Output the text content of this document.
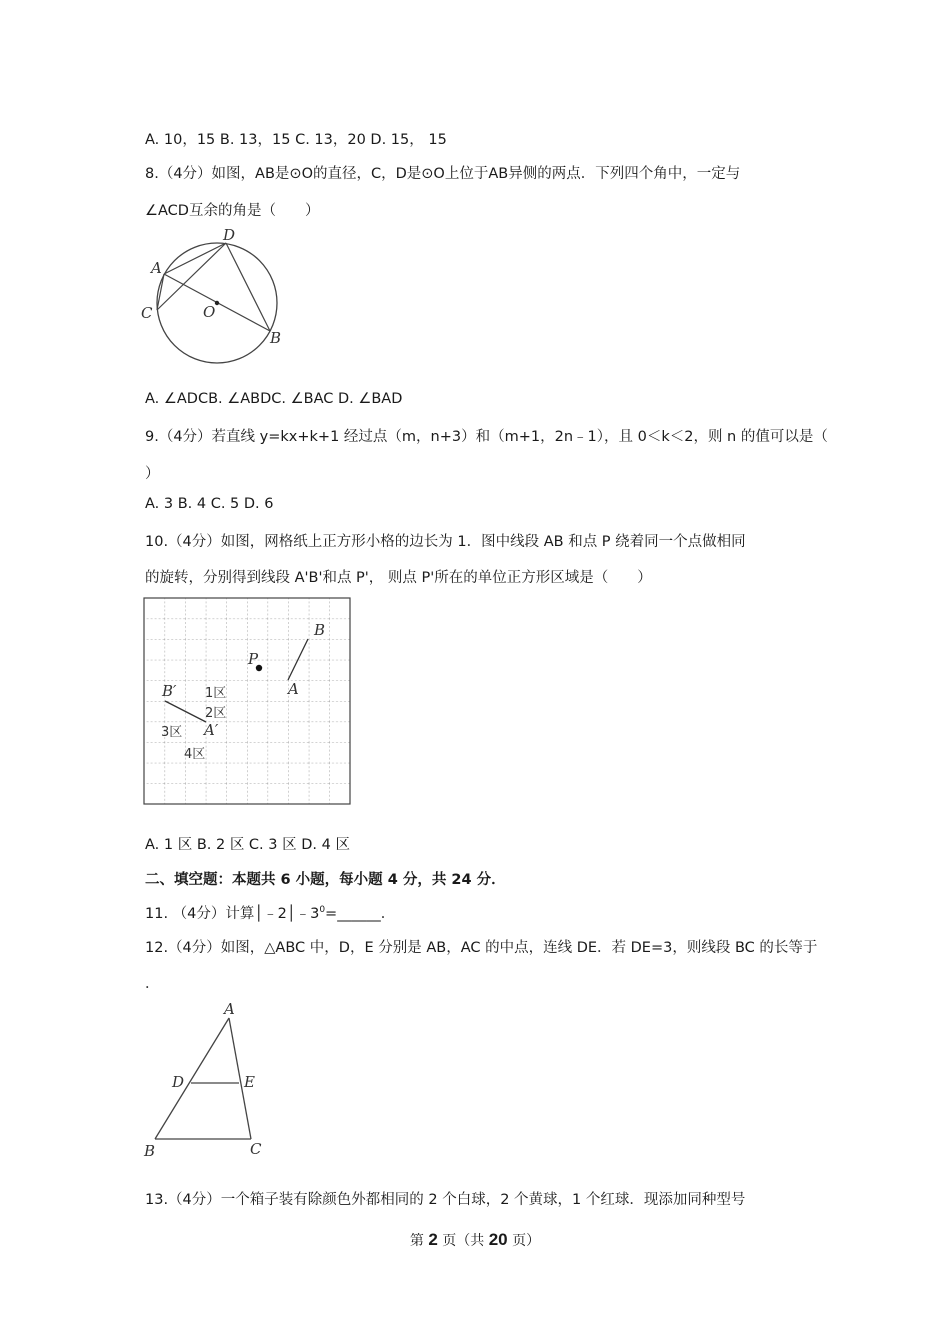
A. 10，15 B. 13，15 C. 13，20 D. 15， 15
8.（4分）如图，AB是⊙O的直径，C，D是⊙O上位于AB异侧的两点．下列四个角中，一定与
∠ACD互余的角是（　　）
A
D
C	O
B
A. ∠ADCB. ∠ABDC. ∠BAC D. ∠BAD
9.（4分）若直线 y=kx+k+1 经过点（m，n+3）和（m+1，2n﹣1），且 0＜k＜2，则 n 的值可以是（
）
A. 3 B. 4 C. 5 D. 6
10.（4分）如图，网格纸上正方形小格的边长为 1．图中线段 AB 和点 P 绕着同一个点做相同
的旋转，分别得到线段 A'B'和点 P'， 则点 P'所在的单位正方形区域是（　　）
B
P
A
B′
A′
1区
2区
3区
4区
A. 1 区 B. 2 区 C. 3 区 D. 4 区
二、填空题：本题共 6 小题，每小题 4 分，共 24 分．
11. （4分）计算$│﹣2│﹣3^0=\_\_\_\_\_\_$．
12.（4分）如图，△ABC 中，D，E 分别是 AB，AC 的中点，连线 DE．若 DE=3，则线段 BC 的长等于
．
A
D	E
B	C
13.（4分）一个箱子装有除颜色外都相同的 2 个白球，2 个黄球，1 个红球．现添加同种型号
第 2 页（共 20 页）
